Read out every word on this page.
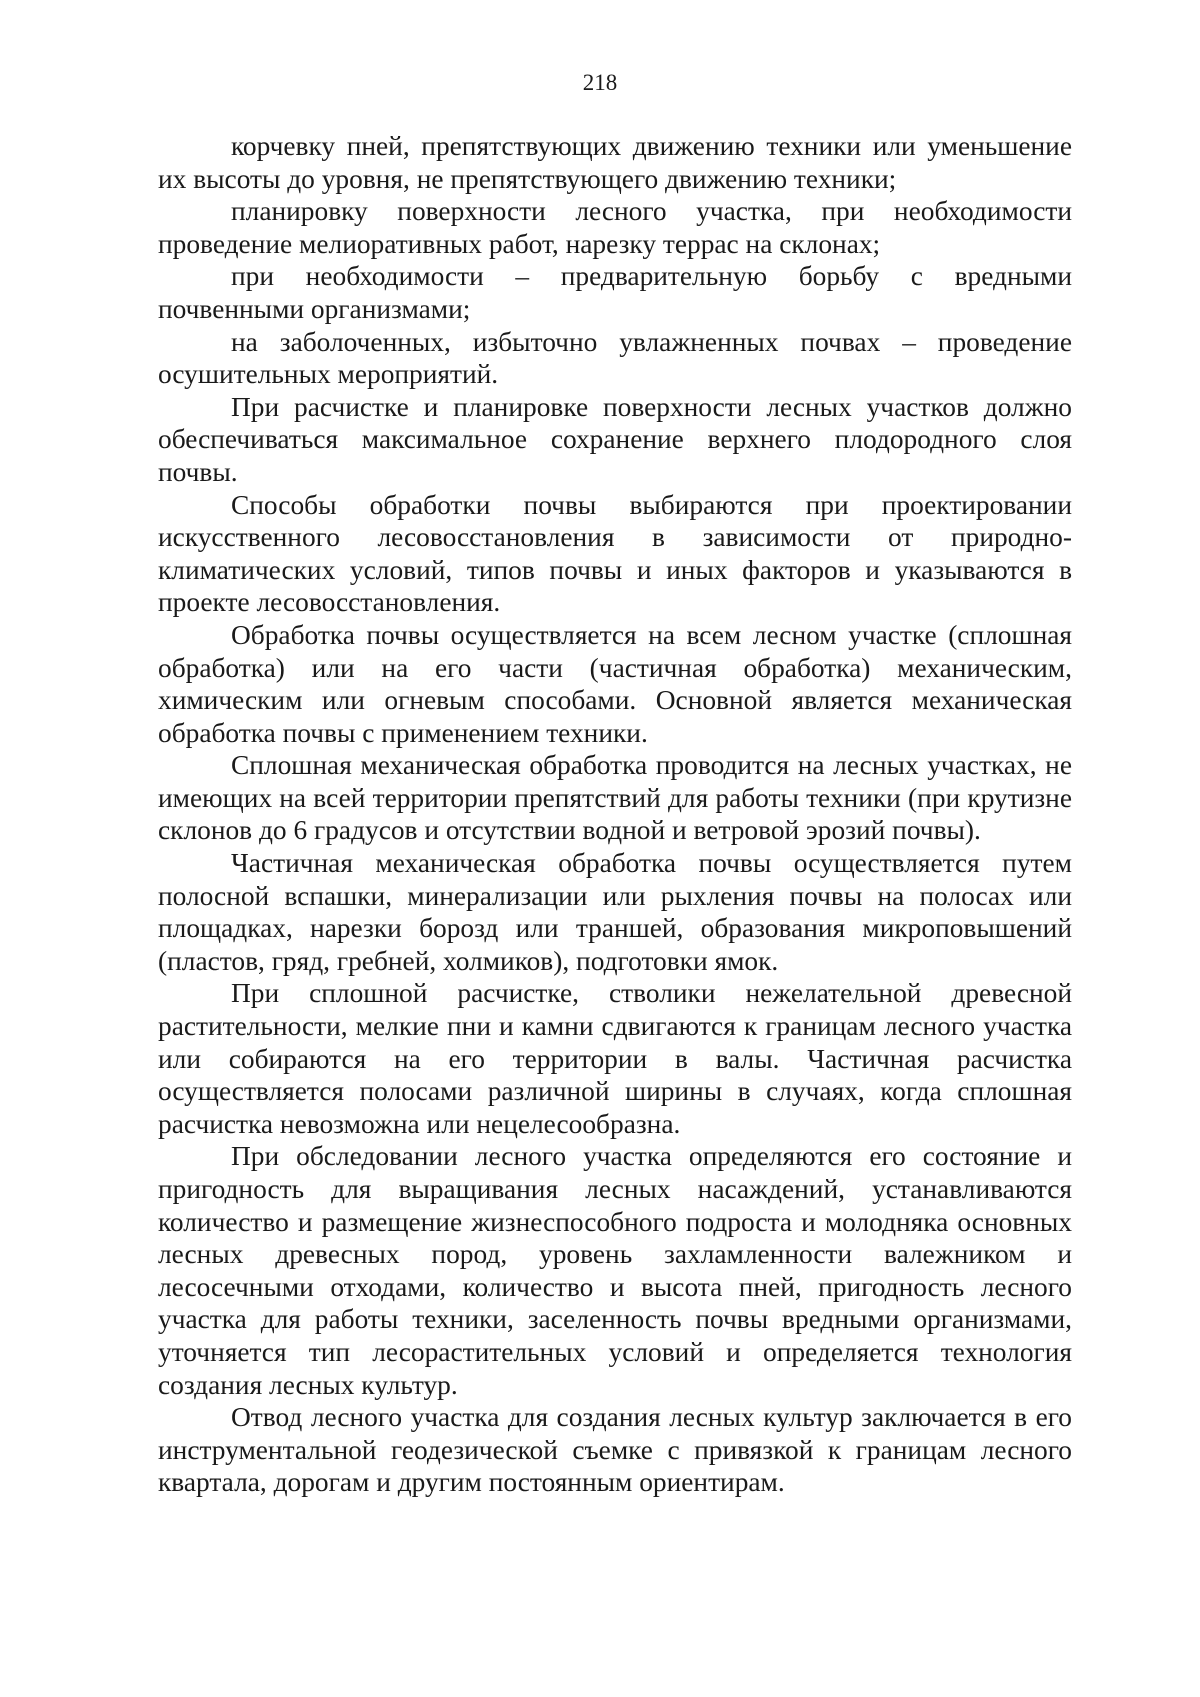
218

корчевку пней, препятствующих движению техники или уменьшение их высоты до уровня, не препятствующего движению техники;

планировку поверхности лесного участка, при необходимости проведение мелиоративных работ, нарезку террас на склонах;

при необходимости – предварительную борьбу с вредными почвенными организмами;

на заболоченных, избыточно увлажненных почвах – проведение осушительных мероприятий.

При расчистке и планировке поверхности лесных участков должно обеспечиваться максимальное сохранение верхнего плодородного слоя почвы.

Способы обработки почвы выбираются при проектировании искусственного лесовосстановления в зависимости от природно-климатических условий, типов почвы и иных факторов и указываются в проекте лесовосстановления.

Обработка почвы осуществляется на всем лесном участке (сплошная обработка) или на его части (частичная обработка) механическим, химическим или огневым способами. Основной является механическая обработка почвы с применением техники.

Сплошная механическая обработка проводится на лесных участках, не имеющих на всей территории препятствий для работы техники (при крутизне склонов до 6 градусов и отсутствии водной и ветровой эрозий почвы).

Частичная механическая обработка почвы осуществляется путем полосной вспашки, минерализации или рыхления почвы на полосах или площадках, нарезки борозд или траншей, образования микроповышений (пластов, гряд, гребней, холмиков), подготовки ямок.

При сплошной расчистке, стволики нежелательной древесной растительности, мелкие пни и камни сдвигаются к границам лесного участка или собираются на его территории в валы. Частичная расчистка осуществляется полосами различной ширины в случаях, когда сплошная расчистка невозможна или нецелесообразна.

При обследовании лесного участка определяются его состояние и пригодность для выращивания лесных насаждений, устанавливаются количество и размещение жизнеспособного подроста и молодняка основных лесных древесных пород, уровень захламленности валежником и лесосечными отходами, количество и высота пней, пригодность лесного участка для работы техники, заселенность почвы вредными организмами, уточняется тип лесорастительных условий и определяется технология создания лесных культур.

Отвод лесного участка для создания лесных культур заключается в его инструментальной геодезической съемке с привязкой к границам лесного квартала, дорогам и другим постоянным ориентирам.
